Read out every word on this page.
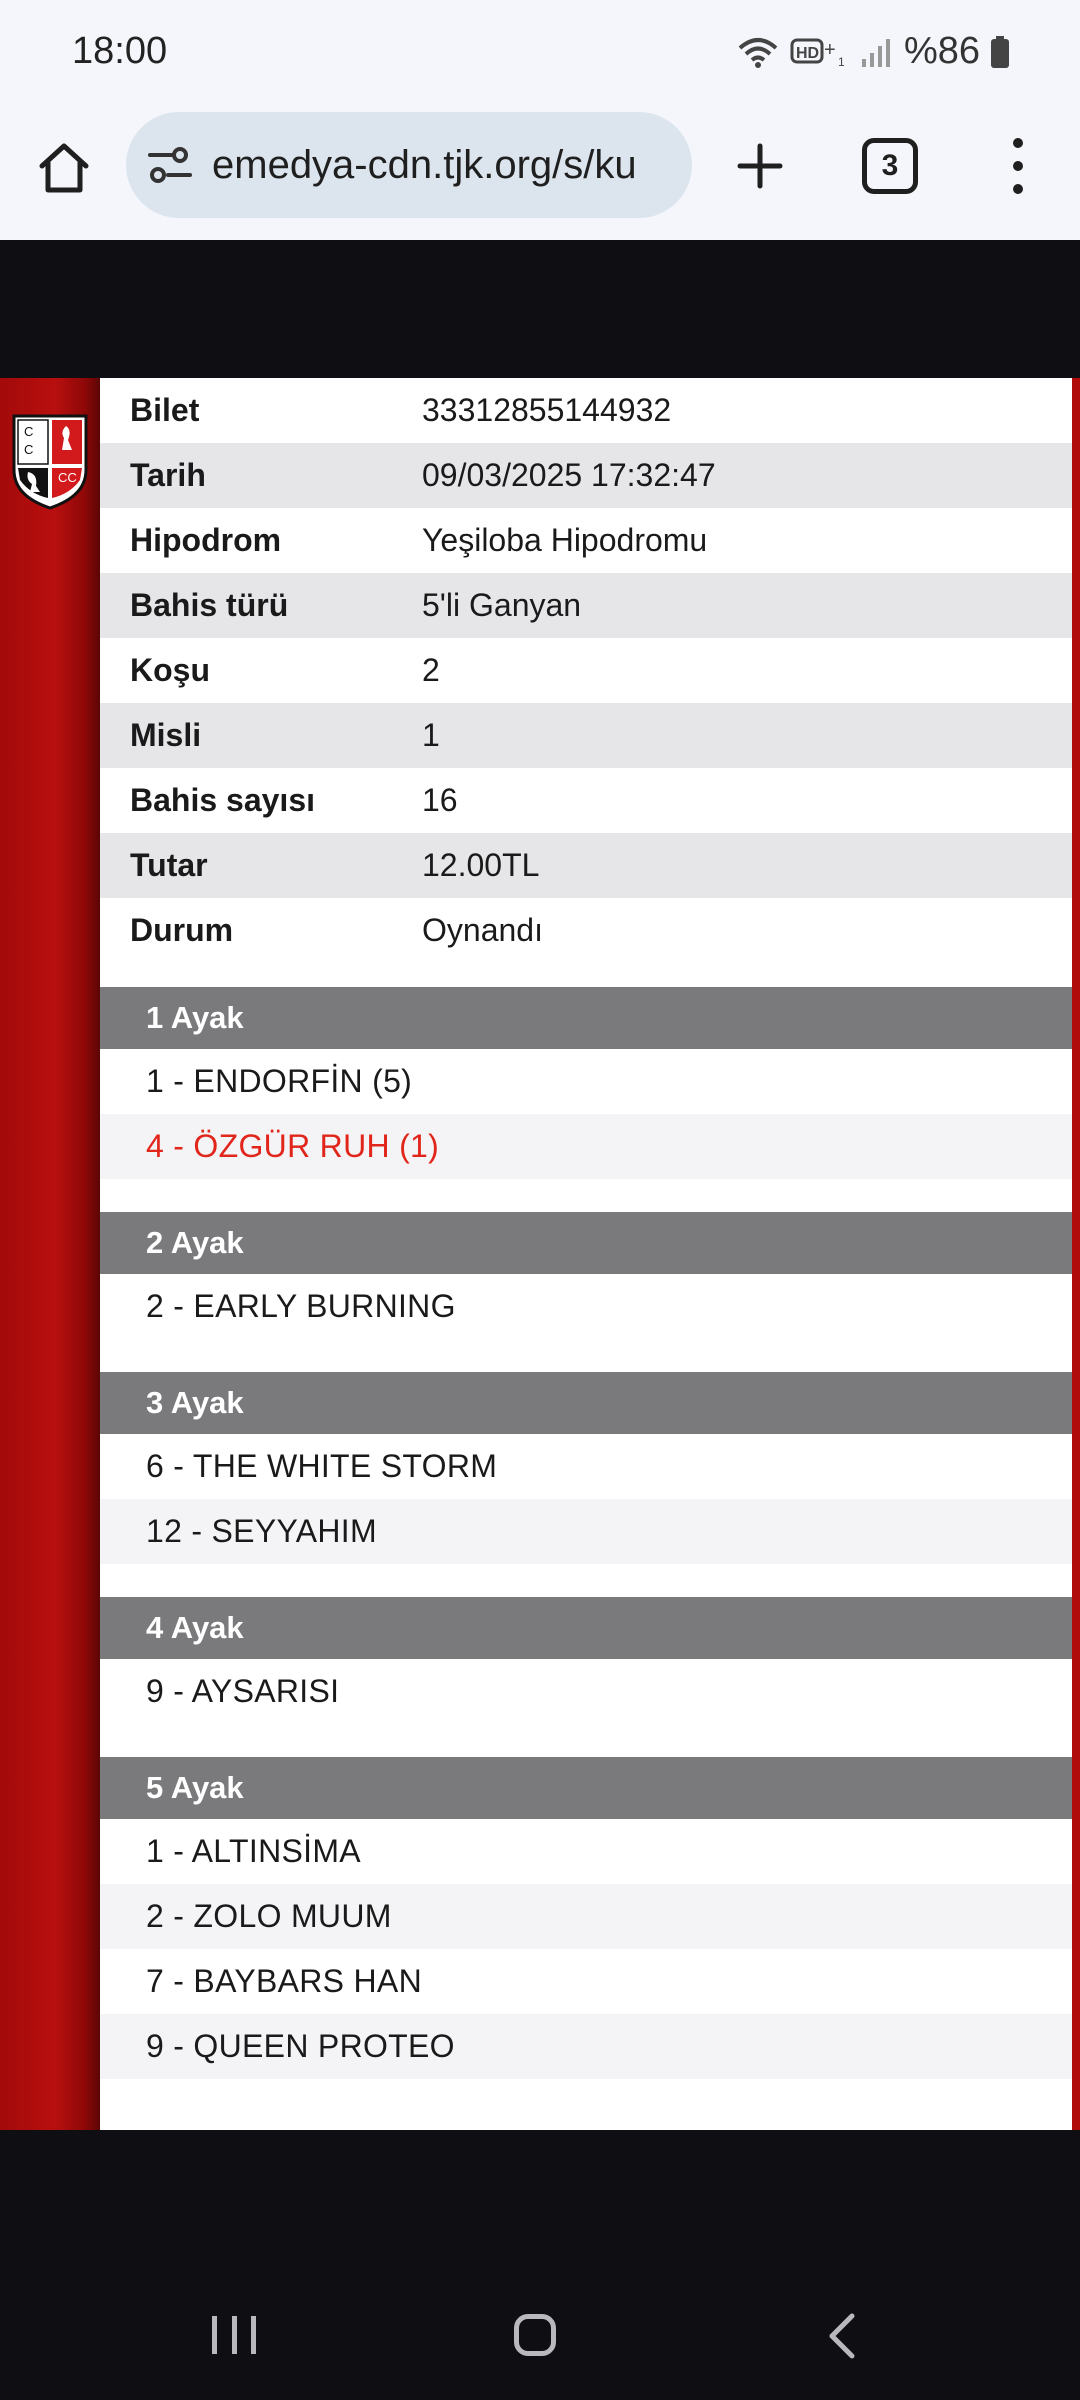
18:00	HD +
1 %86
emedya-cdn.tjk.org/s/ku	3
C
C
CC
Bilet	33312855144932
Tarih	09/03/2025 17:32:47
Hipodrom	Yeşiloba Hipodromu
Bahis türü	5'li Ganyan
Koşu	2
Misli	1
Bahis sayısı	16
Tutar	12.00TL
Durum	Oynandı
1 Ayak
1 - ENDORFİN (5)
4 - ÖZGÜR RUH (1)
2 Ayak
2 - EARLY BURNING
3 Ayak
6 - THE WHITE STORM
12 - SEYYAHIM
4 Ayak
9 - AYSARISI
5 Ayak
1 - ALTINSİMA
2 - ZOLO MUUM
7 - BAYBARS HAN
9 - QUEEN PROTEO
